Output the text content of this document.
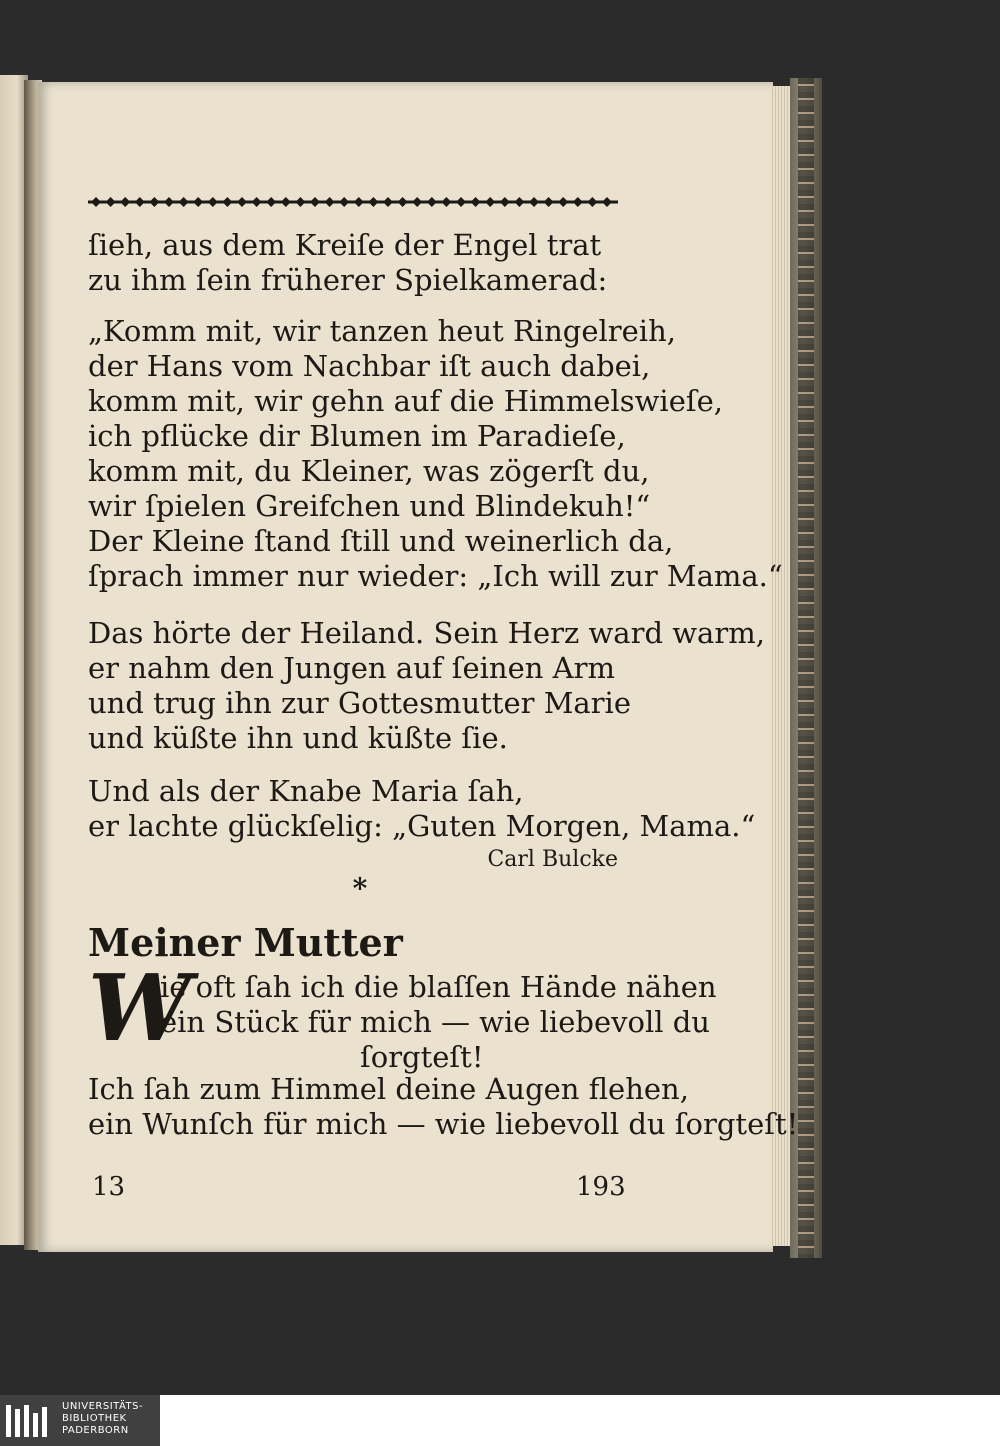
ſieh, aus dem Kreiſe der Engel trat
zu ihm ſein früherer Spielkamerad:
„Komm mit, wir tanzen heut Ringelreih,
der Hans vom Nachbar iſt auch dabei,
komm mit, wir gehn auf die Himmelswieſe,
ich pflücke dir Blumen im Paradieſe,
komm mit, du Kleiner, was zögerſt du,
wir ſpielen Greifchen und Blindekuh!“
Der Kleine ſtand ſtill und weinerlich da,
ſprach immer nur wieder: „Ich will zur Mama.“
Das hörte der Heiland. Sein Herz ward warm,
er nahm den Jungen auf ſeinen Arm
und trug ihn zur Gottesmutter Marie
und küßte ihn und küßte ſie.
Und als der Knabe Maria ſah,
er lachte glückſelig: „Guten Morgen, Mama.“
Carl Bulcke
*
Meiner Mutter
W
ie oft ſah ich die blaſſen Hände nähen
ein Stück für mich — wie liebevoll du
ſorgteſt!
Ich ſah zum Himmel deine Augen flehen,
ein Wunſch für mich — wie liebevoll du ſorgteſt!
13	193
UNIVERSITÄTS-
BIBLIOTHEK
PADERBORN
